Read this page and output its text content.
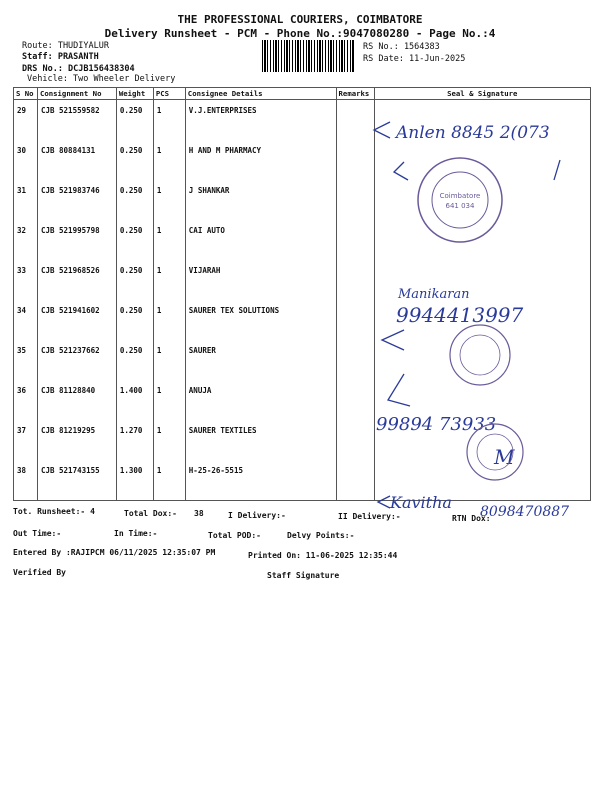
THE PROFESSIONAL COURIERS, COIMBATORE
Delivery Runsheet - PCM - Phone No.:9047080280 - Page No.:4
Route: THUDIYALUR
Staff: PRASANTH
DRS No.: DCJB156438304
Vehicle: Two Wheeler Delivery
RS No.: 1564383
RS Date: 11-Jun-2025
S No	Consignment No	Weight	PCS	Consignee Details	Remarks	Seal & Signature
29	CJB 521559582	0.250	1	V.J.ENTERPRISES		
30	CJB 80884131	0.250	1	H AND M PHARMACY		
31	CJB 521983746	0.250	1	J SHANKAR		
32	CJB 521995798	0.250	1	CAI AUTO		
33	CJB 521968526	0.250	1	VIJARAH		
34	CJB 521941602	0.250	1	SAURER TEX SOLUTIONS		
35	CJB 521237662	0.250	1	SAURER		
36	CJB 81128840	1.400	1	ANUJA		
37	CJB 81219295	1.270	1	SAURER TEXTILES		
38	CJB 521743155	1.300	1	H-25-26-5515		
Anlen 8845 2(073
Manikaran
9944413997
99894 73933
M
Kavitha 8098470887
Coimbatore
641 034
Tot. Runsheet:- 4	Total Dox:- 38	I Delivery:-	II Delivery:-	RTN Dox:
Out Time:-	In Time:-	Total POD:-	Delvy Points:-
Entered By :RAJIPCM 06/11/2025 12:35:07 PM	Printed On: 11-06-2025 12:35:44
Verified By	Staff Signature
